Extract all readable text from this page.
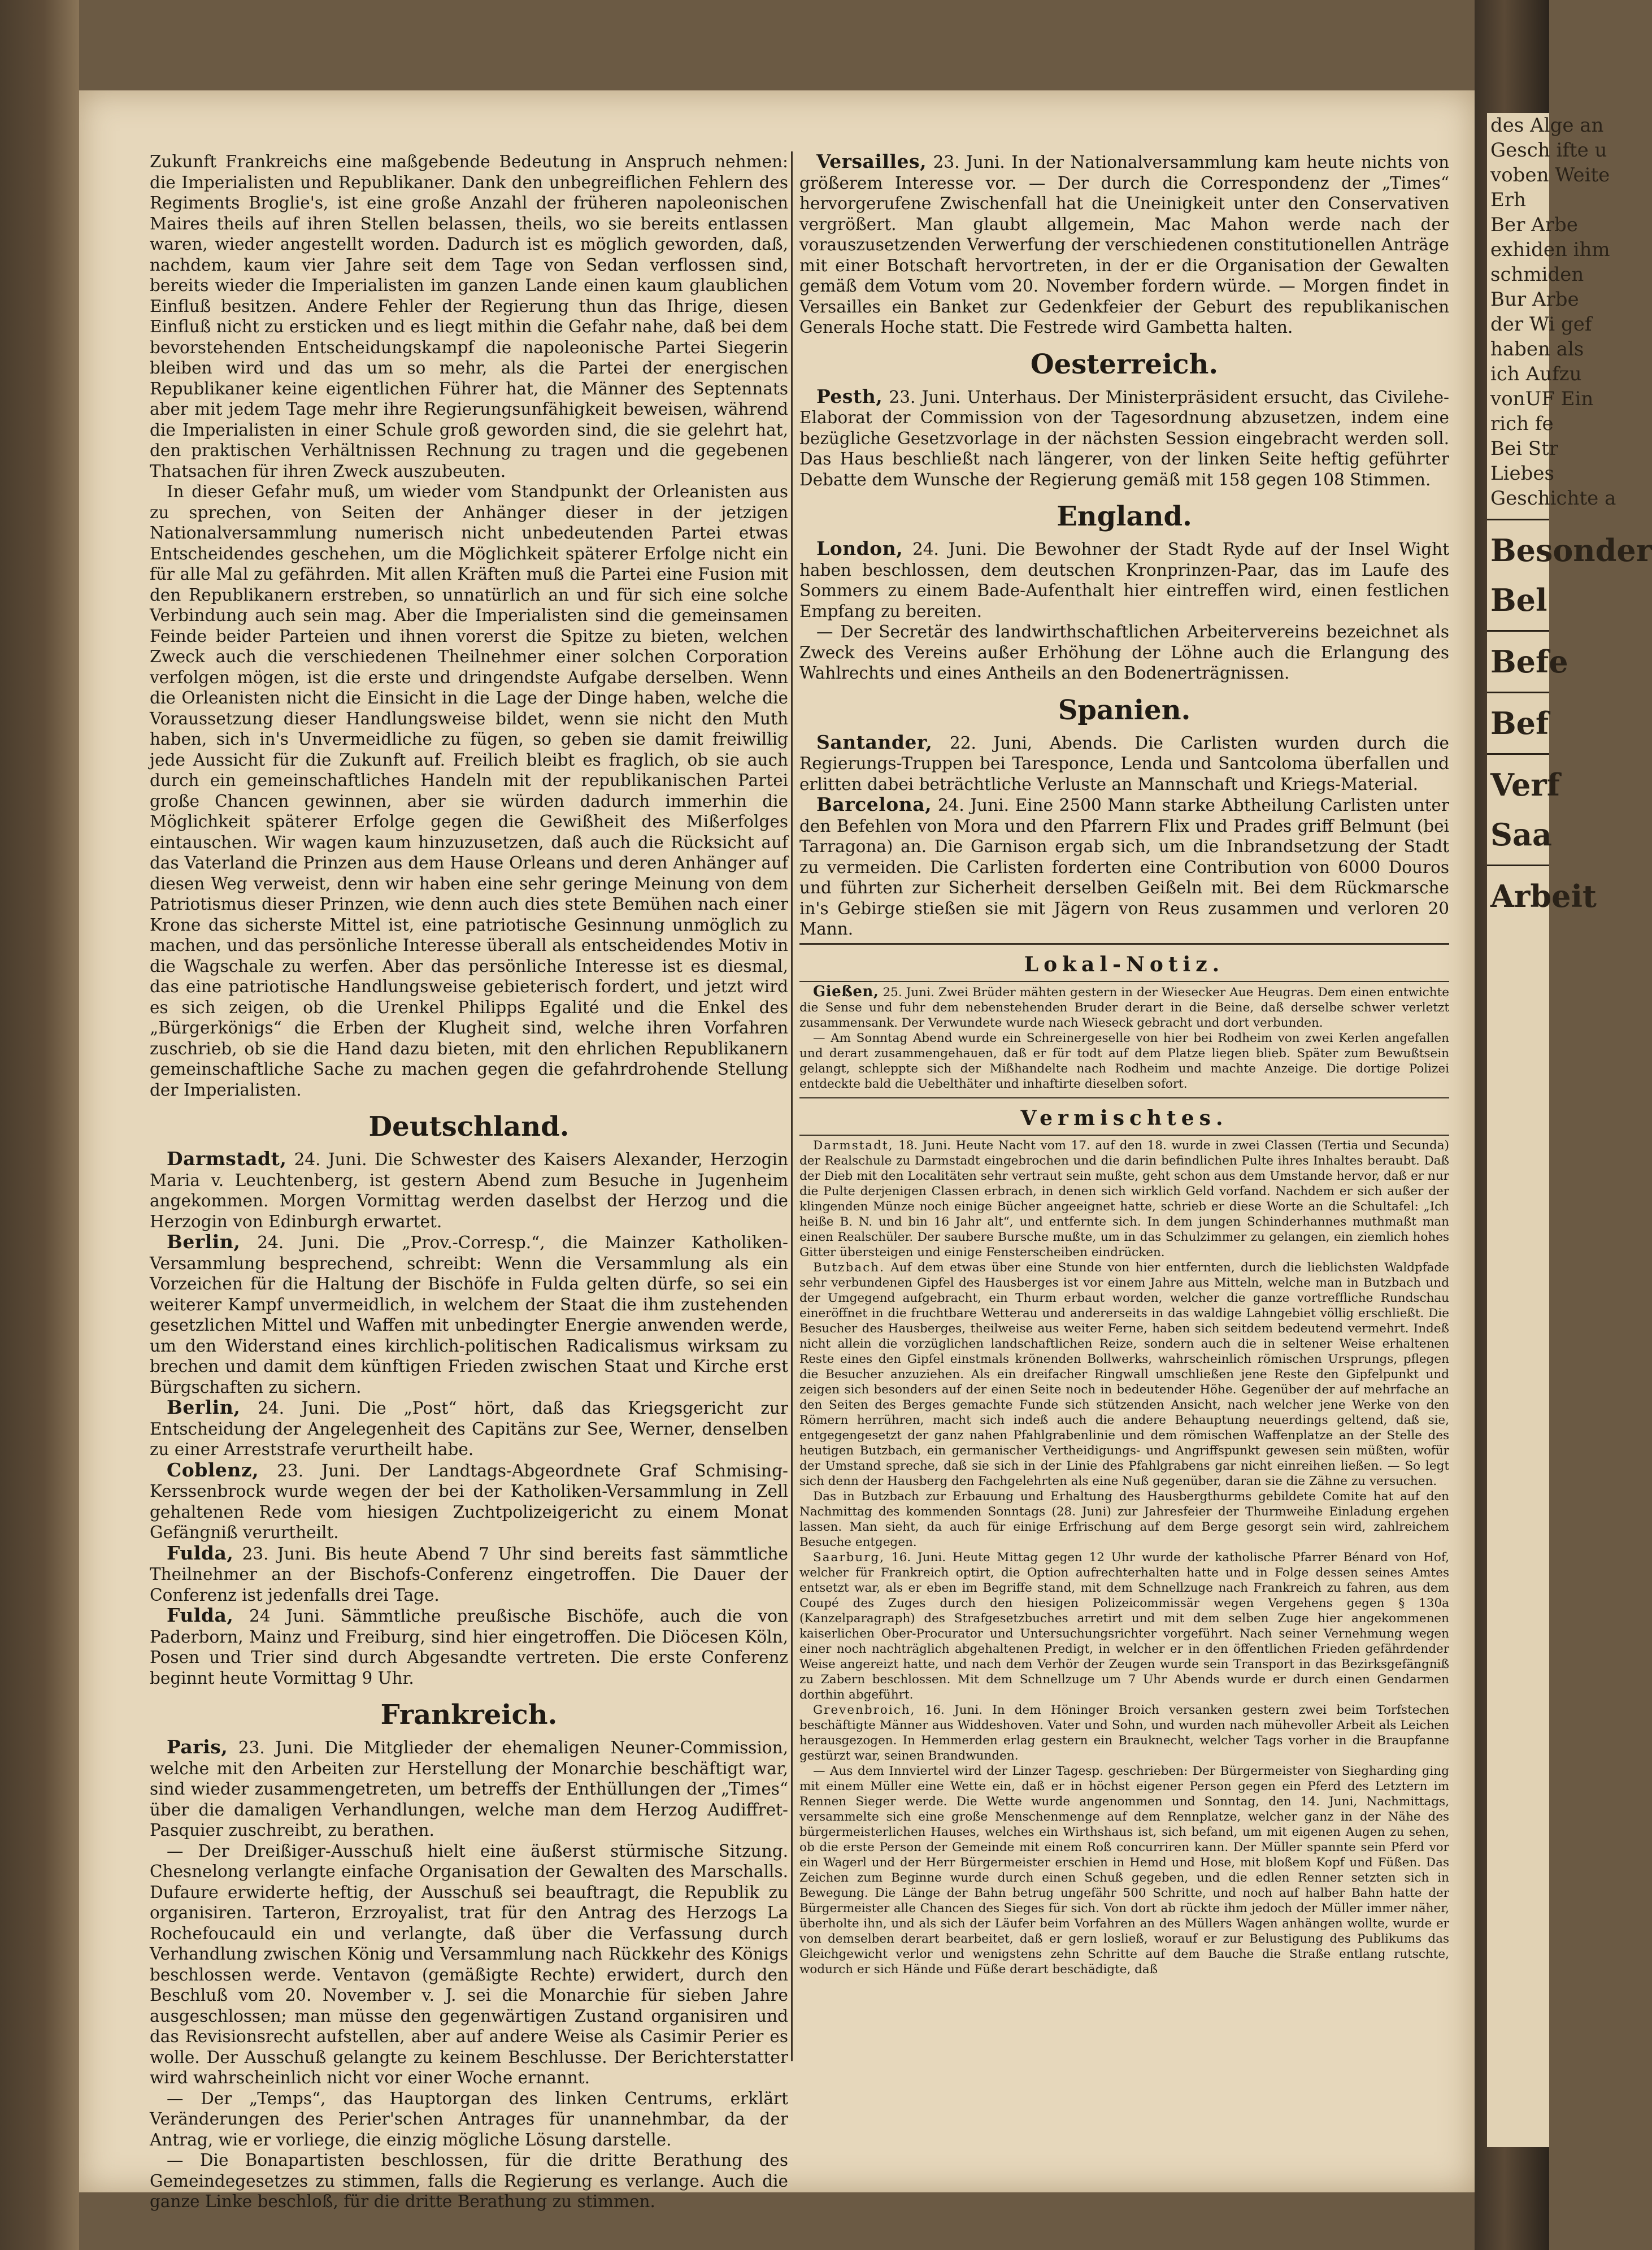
Zukunft Frankreichs eine maßgebende Bedeutung in Anspruch nehmen: die Imperialisten und Republikaner. Dank den unbegreiflichen Fehlern des Regiments Broglie's, ist eine große Anzahl der früheren napoleonischen Maires theils auf ihren Stellen belassen, theils, wo sie bereits entlassen waren, wieder angestellt worden. Dadurch ist es möglich geworden, daß, nachdem, kaum vier Jahre seit dem Tage von Sedan verflossen sind, bereits wieder die Imperialisten im ganzen Lande einen kaum glaublichen Einfluß besitzen. Andere Fehler der Regierung thun das Ihrige, diesen Einfluß nicht zu ersticken und es liegt mithin die Gefahr nahe, daß bei dem bevorstehenden Entscheidungskampf die napoleonische Partei Siegerin bleiben wird und das um so mehr, als die Partei der energischen Republikaner keine eigentlichen Führer hat, die Männer des Septennats aber mit jedem Tage mehr ihre Regierungsunfähigkeit beweisen, während die Imperialisten in einer Schule groß geworden sind, die sie gelehrt hat, den praktischen Verhältnissen Rechnung zu tragen und die gegebenen Thatsachen für ihren Zweck auszubeuten.

In dieser Gefahr muß, um wieder vom Standpunkt der Orleanisten aus zu sprechen, von Seiten der Anhänger dieser in der jetzigen Nationalversammlung numerisch nicht unbedeutenden Partei etwas Entscheidendes geschehen, um die Möglichkeit späterer Erfolge nicht ein für alle Mal zu gefährden. Mit allen Kräften muß die Partei eine Fusion mit den Republikanern erstreben, so unnatürlich an und für sich eine solche Verbindung auch sein mag. Aber die Imperialisten sind die gemeinsamen Feinde beider Parteien und ihnen vorerst die Spitze zu bieten, welchen Zweck auch die verschiedenen Theilnehmer einer solchen Corporation verfolgen mögen, ist die erste und dringendste Aufgabe derselben. Wenn die Orleanisten nicht die Einsicht in die Lage der Dinge haben, welche die Voraussetzung dieser Handlungsweise bildet, wenn sie nicht den Muth haben, sich in's Unvermeidliche zu fügen, so geben sie damit freiwillig jede Aussicht für die Zukunft auf. Freilich bleibt es fraglich, ob sie auch durch ein gemeinschaftliches Handeln mit der republikanischen Partei große Chancen gewinnen, aber sie würden dadurch immerhin die Möglichkeit späterer Erfolge gegen die Gewißheit des Mißerfolges eintauschen. Wir wagen kaum hinzuzusetzen, daß auch die Rücksicht auf das Vaterland die Prinzen aus dem Hause Orleans und deren Anhänger auf diesen Weg verweist, denn wir haben eine sehr geringe Meinung von dem Patriotismus dieser Prinzen, wie denn auch dies stete Bemühen nach einer Krone das sicherste Mittel ist, eine patriotische Gesinnung unmöglich zu machen, und das persönliche Interesse überall als entscheidendes Motiv in die Wagschale zu werfen. Aber das persönliche Interesse ist es diesmal, das eine patriotische Handlungsweise gebieterisch fordert, und jetzt wird es sich zeigen, ob die Urenkel Philipps Egalité und die Enkel des „Bürgerkönigs“ die Erben der Klugheit sind, welche ihren Vorfahren zuschrieb, ob sie die Hand dazu bieten, mit den ehrlichen Republikanern gemeinschaftliche Sache zu machen gegen die gefahrdrohende Stellung der Imperialisten.

Deutschland.

Darmstadt, 24. Juni. Die Schwester des Kaisers Alexander, Herzogin Maria v. Leuchtenberg, ist gestern Abend zum Besuche in Jugenheim angekommen. Morgen Vormittag werden daselbst der Herzog und die Herzogin von Edinburgh erwartet.

Berlin, 24. Juni. Die „Prov.-Corresp.“, die Mainzer Katholiken-Versammlung besprechend, schreibt: Wenn die Versammlung als ein Vorzeichen für die Haltung der Bischöfe in Fulda gelten dürfe, so sei ein weiterer Kampf unvermeidlich, in welchem der Staat die ihm zustehenden gesetzlichen Mittel und Waffen mit unbedingter Energie anwenden werde, um den Widerstand eines kirchlich-politischen Radicalismus wirksam zu brechen und damit dem künftigen Frieden zwischen Staat und Kirche erst Bürgschaften zu sichern.

Berlin, 24. Juni. Die „Post“ hört, daß das Kriegsgericht zur Entscheidung der Angelegenheit des Capitäns zur See, Werner, denselben zu einer Arreststrafe verurtheilt habe.

Coblenz, 23. Juni. Der Landtags-Abgeordnete Graf Schmising-Kerssenbrock wurde wegen der bei der Katholiken-Versammlung in Zell gehaltenen Rede vom hiesigen Zuchtpolizeigericht zu einem Monat Gefängniß verurtheilt.

Fulda, 23. Juni. Bis heute Abend 7 Uhr sind bereits fast sämmtliche Theilnehmer an der Bischofs-Conferenz eingetroffen. Die Dauer der Conferenz ist jedenfalls drei Tage.

Fulda, 24 Juni. Sämmtliche preußische Bischöfe, auch die von Paderborn, Mainz und Freiburg, sind hier eingetroffen. Die Diöcesen Köln, Posen und Trier sind durch Abgesandte vertreten. Die erste Conferenz beginnt heute Vormittag 9 Uhr.

Frankreich.

Paris, 23. Juni. Die Mitglieder der ehemaligen Neuner-Commission, welche mit den Arbeiten zur Herstellung der Monarchie beschäftigt war, sind wieder zusammengetreten, um betreffs der Enthüllungen der „Times“ über die damaligen Verhandlungen, welche man dem Herzog Audiffret-Pasquier zuschreibt, zu berathen.

— Der Dreißiger-Ausschuß hielt eine äußerst stürmische Sitzung. Chesnelong verlangte einfache Organisation der Gewalten des Marschalls. Dufaure erwiderte heftig, der Ausschuß sei beauftragt, die Republik zu organisiren. Tarteron, Erzroyalist, trat für den Antrag des Herzogs La Rochefoucauld ein und verlangte, daß über die Verfassung durch Verhandlung zwischen König und Versammlung nach Rückkehr des Königs beschlossen werde. Ventavon (gemäßigte Rechte) erwidert, durch den Beschluß vom 20. November v. J. sei die Monarchie für sieben Jahre ausgeschlossen; man müsse den gegenwärtigen Zustand organisiren und das Revisionsrecht aufstellen, aber auf andere Weise als Casimir Perier es wolle. Der Ausschuß gelangte zu keinem Beschlusse. Der Berichterstatter wird wahrscheinlich nicht vor einer Woche ernannt.

— Der „Temps“, das Hauptorgan des linken Centrums, erklärt Veränderungen des Perier'schen Antrages für unannehmbar, da der Antrag, wie er vorliege, die einzig mögliche Lösung darstelle.

— Die Bonapartisten beschlossen, für die dritte Berathung des Gemeindegesetzes zu stimmen, falls die Regierung es verlange. Auch die ganze Linke beschloß, für die dritte Berathung zu stimmen.

Versailles, 23. Juni. In der Nationalversammlung kam heute nichts von größerem Interesse vor. — Der durch die Correspondenz der „Times“ hervorgerufene Zwischenfall hat die Uneinigkeit unter den Conservativen vergrößert. Man glaubt allgemein, Mac Mahon werde nach der vorauszusetzenden Verwerfung der verschiedenen constitutionellen Anträge mit einer Botschaft hervortreten, in der er die Organisation der Gewalten gemäß dem Votum vom 20. November fordern würde. — Morgen findet in Versailles ein Banket zur Gedenkfeier der Geburt des republikanischen Generals Hoche statt. Die Festrede wird Gambetta halten.

Oesterreich.

Pesth, 23. Juni. Unterhaus. Der Ministerpräsident ersucht, das Civilehe-Elaborat der Commission von der Tagesordnung abzusetzen, indem eine bezügliche Gesetzvorlage in der nächsten Session eingebracht werden soll. Das Haus beschließt nach längerer, von der linken Seite heftig geführter Debatte dem Wunsche der Regierung gemäß mit 158 gegen 108 Stimmen.

England.

London, 24. Juni. Die Bewohner der Stadt Ryde auf der Insel Wight haben beschlossen, dem deutschen Kronprinzen-Paar, das im Laufe des Sommers zu einem Bade-Aufenthalt hier eintreffen wird, einen festlichen Empfang zu bereiten.

— Der Secretär des landwirthschaftlichen Arbeitervereins bezeichnet als Zweck des Vereins außer Erhöhung der Löhne auch die Erlangung des Wahlrechts und eines Antheils an den Bodenerträgnissen.

Spanien.

Santander, 22. Juni, Abends. Die Carlisten wurden durch die Regierungs-Truppen bei Taresponce, Lenda und Santcoloma überfallen und erlitten dabei beträchtliche Verluste an Mannschaft und Kriegs-Material.

Barcelona, 24. Juni. Eine 2500 Mann starke Abtheilung Carlisten unter den Befehlen von Mora und den Pfarrern Flix und Prades griff Belmunt (bei Tarragona) an. Die Garnison ergab sich, um die Inbrandsetzung der Stadt zu vermeiden. Die Carlisten forderten eine Contribution von 6000 Douros und führten zur Sicherheit derselben Geißeln mit. Bei dem Rückmarsche in's Gebirge stießen sie mit Jägern von Reus zusammen und verloren 20 Mann.

Lokal-Notiz.

Gießen, 25. Juni. Zwei Brüder mähten gestern in der Wiesecker Aue Heugras. Dem einen entwichte die Sense und fuhr dem nebenstehenden Bruder derart in die Beine, daß derselbe schwer verletzt zusammensank. Der Verwundete wurde nach Wieseck gebracht und dort verbunden.

— Am Sonntag Abend wurde ein Schreinergeselle von hier bei Rodheim von zwei Kerlen angefallen und derart zusammengehauen, daß er für todt auf dem Platze liegen blieb. Später zum Bewußtsein gelangt, schleppte sich der Mißhandelte nach Rodheim und machte Anzeige. Die dortige Polizei entdeckte bald die Uebelthäter und inhaftirte dieselben sofort.

Vermischtes.

Darmstadt, 18. Juni. Heute Nacht vom 17. auf den 18. wurde in zwei Classen (Tertia und Secunda) der Realschule zu Darmstadt eingebrochen und die darin befindlichen Pulte ihres Inhaltes beraubt. Daß der Dieb mit den Localitäten sehr vertraut sein mußte, geht schon aus dem Umstande hervor, daß er nur die Pulte derjenigen Classen erbrach, in denen sich wirklich Geld vorfand. Nachdem er sich außer der klingenden Münze noch einige Bücher angeeignet hatte, schrieb er diese Worte an die Schultafel: „Ich heiße B. N. und bin 16 Jahr alt“, und entfernte sich. In dem jungen Schinderhannes muthmaßt man einen Realschüler. Der saubere Bursche mußte, um in das Schulzimmer zu gelangen, ein ziemlich hohes Gitter übersteigen und einige Fensterscheiben eindrücken.

Butzbach. Auf dem etwas über eine Stunde von hier entfernten, durch die lieblichsten Waldpfade sehr verbundenen Gipfel des Hausberges ist vor einem Jahre aus Mitteln, welche man in Butzbach und der Umgegend aufgebracht, ein Thurm erbaut worden, welcher die ganze vortreffliche Rundschau eineröffnet in die fruchtbare Wetterau und andererseits in das waldige Lahngebiet völlig erschließt. Die Besucher des Hausberges, theilweise aus weiter Ferne, haben sich seitdem bedeutend vermehrt. Indeß nicht allein die vorzüglichen landschaftlichen Reize, sondern auch die in seltener Weise erhaltenen Reste eines den Gipfel einstmals krönenden Bollwerks, wahrscheinlich römischen Ursprungs, pflegen die Besucher anzuziehen. Als ein dreifacher Ringwall umschließen jene Reste den Gipfelpunkt und zeigen sich besonders auf der einen Seite noch in bedeutender Höhe. Gegenüber der auf mehrfache an den Seiten des Berges gemachte Funde sich stützenden Ansicht, nach welcher jene Werke von den Römern herrühren, macht sich indeß auch die andere Behauptung neuerdings geltend, daß sie, entgegengesetzt der ganz nahen Pfahlgrabenlinie und dem römischen Waffenplatze an der Stelle des heutigen Butzbach, ein germanischer Vertheidigungs- und Angriffspunkt gewesen sein müßten, wofür der Umstand spreche, daß sie sich in der Linie des Pfahlgrabens gar nicht einreihen ließen. — So legt sich denn der Hausberg den Fachgelehrten als eine Nuß gegenüber, daran sie die Zähne zu versuchen.

Das in Butzbach zur Erbauung und Erhaltung des Hausbergthurms gebildete Comite hat auf den Nachmittag des kommenden Sonntags (28. Juni) zur Jahresfeier der Thurmweihe Einladung ergehen lassen. Man sieht, da auch für einige Erfrischung auf dem Berge gesorgt sein wird, zahlreichem Besuche entgegen.

Saarburg, 16. Juni. Heute Mittag gegen 12 Uhr wurde der katholische Pfarrer Bénard von Hof, welcher für Frankreich optirt, die Option aufrechterhalten hatte und in Folge dessen seines Amtes entsetzt war, als er eben im Begriffe stand, mit dem Schnellzuge nach Frankreich zu fahren, aus dem Coupé des Zuges durch den hiesigen Polizeicommissär wegen Vergehens gegen § 130a (Kanzelparagraph) des Strafgesetzbuches arretirt und mit dem selben Zuge hier angekommenen kaiserlichen Ober-Procurator und Untersuchungsrichter vorgeführt. Nach seiner Vernehmung wegen einer noch nachträglich abgehaltenen Predigt, in welcher er in den öffentlichen Frieden gefährdender Weise angereizt hatte, und nach dem Verhör der Zeugen wurde sein Transport in das Bezirksgefängniß zu Zabern beschlossen. Mit dem Schnellzuge um 7 Uhr Abends wurde er durch einen Gendarmen dorthin abgeführt.

Grevenbroich, 16. Juni. In dem Höninger Broich versanken gestern zwei beim Torfstechen beschäftigte Männer aus Widdeshoven. Vater und Sohn, und wurden nach mühevoller Arbeit als Leichen herausgezogen. In Hemmerden erlag gestern ein Brauknecht, welcher Tags vorher in die Braupfanne gestürzt war, seinen Brandwunden.

— Aus dem Innviertel wird der Linzer Tagesp. geschrieben: Der Bürgermeister von Siegharding ging mit einem Müller eine Wette ein, daß er in höchst eigener Person gegen ein Pferd des Letztern im Rennen Sieger werde. Die Wette wurde angenommen und Sonntag, den 14. Juni, Nachmittags, versammelte sich eine große Menschenmenge auf dem Rennplatze, welcher ganz in der Nähe des bürgermeisterlichen Hauses, welches ein Wirthshaus ist, sich befand, um mit eigenen Augen zu sehen, ob die erste Person der Gemeinde mit einem Roß concurriren kann. Der Müller spannte sein Pferd vor ein Wagerl und der Herr Bürgermeister erschien in Hemd und Hose, mit bloßem Kopf und Füßen. Das Zeichen zum Beginne wurde durch einen Schuß gegeben, und die edlen Renner setzten sich in Bewegung. Die Länge der Bahn betrug ungefähr 500 Schritte, und noch auf halber Bahn hatte der Bürgermeister alle Chancen des Sieges für sich. Von dort ab rückte ihm jedoch der Müller immer näher, überholte ihn, und als sich der Läufer beim Vorfahren an des Müllers Wagen anhängen wollte, wurde er von demselben derart bearbeitet, daß er gern losließ, worauf er zur Belustigung des Publikums das Gleichgewicht verlor und wenigstens zehn Schritte auf dem Bauche die Straße entlang rutschte, wodurch er sich Hände und Füße derart beschädigte, daß

des Alge an
Gesch ifte u
voben Weite
Erh
Ber Arbe
exhiden ihm
schmiden
Bur Arbe
der Wi gef
haben als
ich Aufzu
vonUF Ein
rich fe
Bei Str
Liebes
Geschichte a
Besonder
Bel
Befe
Bef
Verf
Saa
Arbeit
